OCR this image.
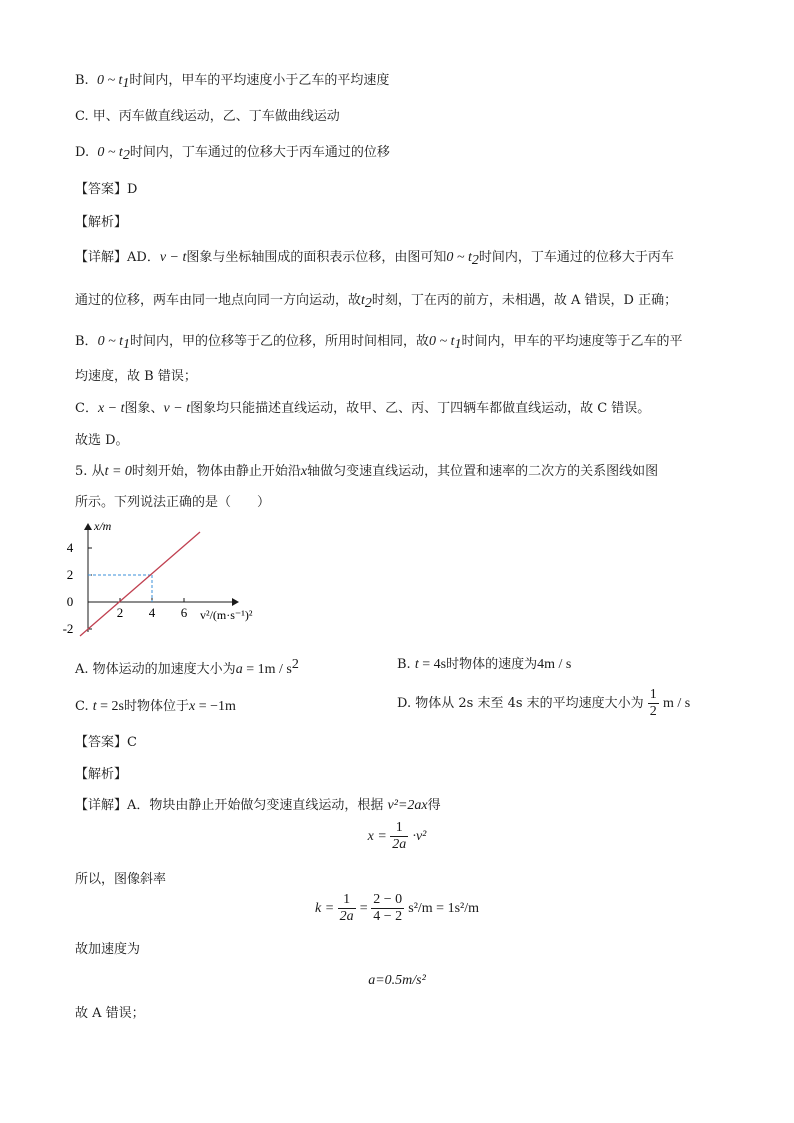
B. 0 ~ $t_1$时间内，甲车的平均速度小于乙车的平均速度
C. 甲、丙车做直线运动，乙、丁车做曲线运动
D. 0 ~ $t_2$时间内，丁车通过的位移大于丙车通过的位移
【答案】D
【解析】
【详解】AD．v − t图象与坐标轴围成的面积表示位移，由图可知0 ~ $t_2$时间内，丁车通过的位移大于丙车
通过的位移，两车由同一地点向同一方向运动，故$t_2$时刻，丁在丙的前方，未相遇，故 A 错误，D 正确；
B．0 ~ $t_1$时间内，甲的位移等于乙的位移，所用时间相同，故0 ~ $t_1$时间内，甲车的平均速度等于乙车的平
均速度，故 B 错误；
C．x − t图象、v − t图象均只能描述直线运动，故甲、乙、丙、丁四辆车都做直线运动，故 C 错误。
故选 D。
5. 从t = 0时刻开始，物体由静止开始沿x轴做匀变速直线运动，其位置和速率的二次方的关系图线如图
所示。下列说法正确的是（　　）
x/m
4
2
0
-2
2 4 6 v²/(m·s⁻¹)²
A. 物体运动的加速度大小为$a = 1m / s^2$	B. t = 4s时物体的速度为4m / s
C. t = 2s时物体位于x = −1m	D. 物体从 2s 末至 4s 末的平均速度大小为 $\frac{1}{2}$ m / s
【答案】C
【解析】
【详解】A．物块由静止开始做匀变速直线运动，根据 v²=2ax得
$x = \frac{1}{2a} \cdot v^2$
所以，图像斜率
$k = \frac{1}{2a} = \frac{2 - 0}{4 - 2} s^2/m = 1s^2/m$
故加速度为
a=0.5m/s²
故 A 错误；
